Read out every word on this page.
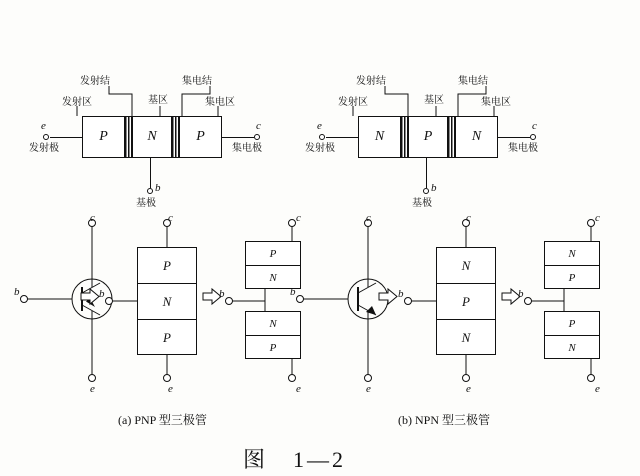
发射结	集电结
发射区	基区	集电区
P	N	P
e
发射极
c
集电极
b
基极
c
b
e
c
b
e
P
N
P
c
b
e
P
N
N
P
发射结	集电结
发射区	基区	集电区
N	P	N
e
发射极
c
集电极
b
基极
c
b
e
c
b
e
N
P
N
c
b
e
N
P
P
N
(a) PNP 型三极管	(b) NPN 型三极管
图　1—2
